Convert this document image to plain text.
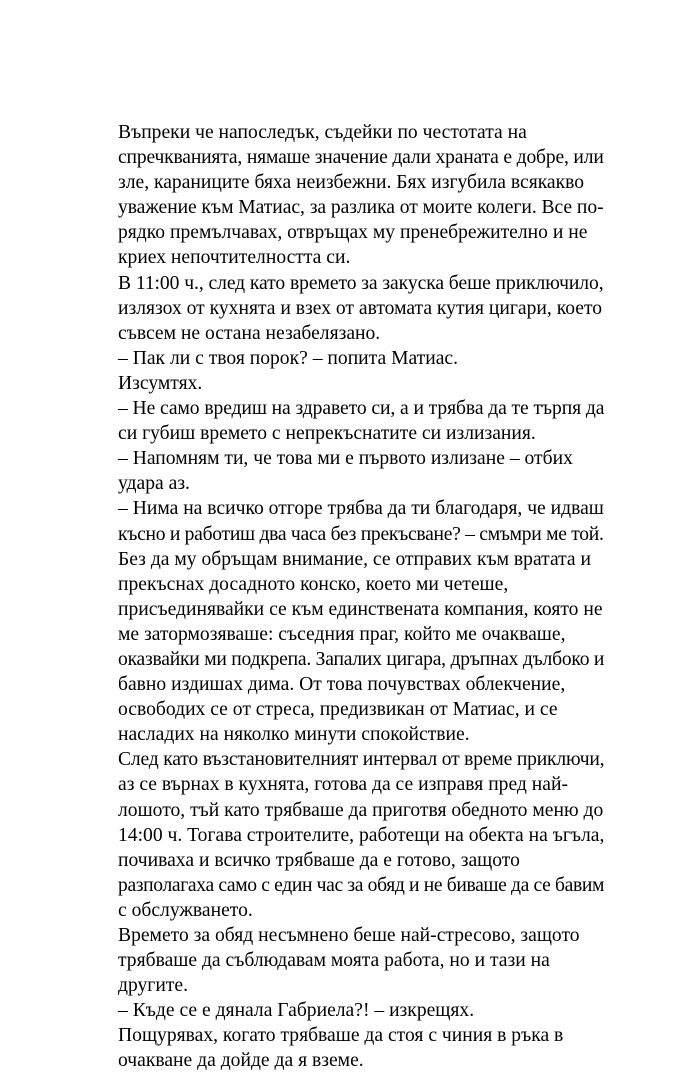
Въпреки че напоследък, съдейки по честотата на
спречкванията, нямаше значение дали храната е добре, или
зле, караниците бяха неизбежни. Бях изгубила всякакво
уважение към Матиас, за разлика от моите колеги. Все по-
рядко премълчавах, отвръщах му пренебрежително и не
криех непочтителността си.
В 11:00 ч., след като времето за закуска беше приключило,
излязох от кухнята и взех от автомата кутия цигари, което
съвсем не остана незабелязано.
– Пак ли с твоя порок? – попита Матиас.
Изсумтях.
– Не само вредиш на здравето си, а и трябва да те търпя да
си губиш времето с непрекъснатите си излизания.
– Напомням ти, че това ми е първото излизане – отбих
удара аз.
– Нима на всичко отгоре трябва да ти благодаря, че идваш
късно и работиш два часа без прекъсване? – смъмри ме той.
Без да му обръщам внимание, се отправих към вратата и
прекъснах досадното конско, което ми четеше,
присъединявайки се към единствената компания, която не
ме затормозяваше: съседния праг, който ме очакваше,
оказвайки ми подкрепа. Запалих цигара, дръпнах дълбоко и
бавно издишах дима. От това почувствах облекчение,
освободих се от стреса, предизвикан от Матиас, и се
насладих на няколко минути спокойствие.
След като възстановителният интервал от време приключи,
аз се върнах в кухнята, готова да се изправя пред най-
лошото, тъй като трябваше да приготвя обедното меню до
14:00 ч. Тогава строителите, работещи на обекта на ъгъла,
почиваха и всичко трябваше да е готово, защото
разполагаха само с един час за обяд и не биваше да се бавим
с обслужването.
Времето за обяд несъмнено беше най-стресово, защото
трябваше да съблюдавам моята работа, но и тази на
другите.
– Къде се е дянала Габриела?! – изкрещях.
Пощурявах, когато трябваше да стоя с чиния в ръка в
очакване да дойде да я вземе.
